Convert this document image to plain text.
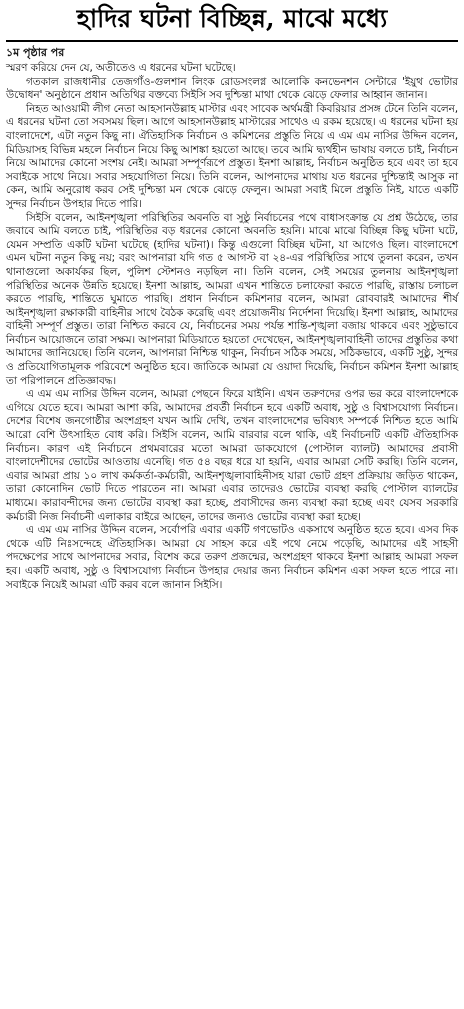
হাদির ঘটনা বিচ্ছিন্ন, মাঝে মধ্যে
১ম পৃষ্ঠার পর

স্মরণ করিয়ে দেন যে, অতীতেও এ ধরনের ঘটনা ঘটেছে।

গতকাল রাজধানীর তেজগাঁও-গুলশান লিংক রোডসংলগ্ন আলোকি কনভেনশন সেন্টারে 'ইয়ুথ ভোটার উদ্বোধন' অনুষ্ঠানে প্রধান অতিথির বক্তব্যে সিইসি সব দুশ্চিন্তা মাথা থেকে ঝেড়ে ফেলার আহ্বান জানান।

নিহত আওয়ামী লীগ নেতা আহসানউল্লাহ মাস্টার এবং সাবেক অর্থমন্ত্রী কিবরিয়ার প্রসঙ্গ টেনে তিনি বলেন, এ ধরনের ঘটনা তো সবসময় ছিল। আগে আহসানউল্লাহ মাস্টারের সাথেও এ রকম হয়েছে। এ ধরনের ঘটনা হয় বাংলাদেশে, এটা নতুন কিছু না। ঐতিহাসিক নির্বাচন ও কমিশনের প্রস্তুতি নিয়ে এ এম এম নাসির উদ্দিন বলেন, মিডিয়াসহ বিভিন্ন মহলে নির্বাচন নিয়ে কিছু আশঙ্কা হয়তো আছে। তবে আমি দ্ব্যর্থহীন ভাষায় বলতে চাই, নির্বাচন নিয়ে আমাদের কোনো সংশয় নেই। আমরা সম্পূর্ণরূপে প্রস্তুত। ইনশা আল্লাহ, নির্বাচন অনুষ্ঠিত হবে এবং তা হবে সবাইকে সাথে নিয়ে। সবার সহযোগিতা নিয়ে। তিনি বলেন, আপনাদের মাথায় যত ধরনের দুশ্চিন্তাই আসুক না কেন, আমি অনুরোধ করব সেই দুশ্চিন্তা মন থেকে ঝেড়ে ফেলুন। আমরা সবাই মিলে প্রস্তুতি নিই, যাতে একটি সুন্দর নির্বাচন উপহার দিতে পারি।

সিইসি বলেন, আইনশৃঙ্খলা পরিস্থিতির অবনতি বা সুষ্ঠু নির্বাচনের পথে বাধাসংক্রান্ত যে প্রশ্ন উঠেছে, তার জবাবে আমি বলতে চাই, পরিস্থিতির বড় ধরনের কোনো অবনতি হয়নি। মাঝে মাঝে বিচ্ছিন্ন কিছু ঘটনা ঘটে, যেমন সম্প্রতি একটি ঘটনা ঘটেছে (হাদির ঘটনা)। কিন্তু এগুলো বিচ্ছিন্ন ঘটনা, যা আগেও ছিল। বাংলাদেশে এমন ঘটনা নতুন কিছু নয়; বরং আপনারা যদি গত ৫ আগস্ট বা ২৪-এর পরিস্থিতির সাথে তুলনা করেন, তখন থানাগুলো অকার্যকর ছিল, পুলিশ স্টেশনও নড়ছিল না। তিনি বলেন, সেই সময়ের তুলনায় আইনশৃঙ্খলা পরিস্থিতির অনেক উন্নতি হয়েছে। ইনশা আল্লাহ, আমরা এখন শান্তিতে চলাফেরা করতে পারছি, রাস্তায় চলাচল করতে পারছি, শান্তিতে ঘুমাতে পারছি। প্রধান নির্বাচন কমিশনার বলেন, আমরা রোববারই আমাদের শীর্ষ আইনশৃঙ্খলা রক্ষাকারী বাহিনীর সাথে বৈঠক করেছি এবং প্রয়োজনীয় নির্দেশনা দিয়েছি। ইনশা আল্লাহ, আমাদের বাহিনী সম্পূর্ণ প্রস্তুত। তারা নিশ্চিত করবে যে, নির্বাচনের সময় পর্যন্ত শান্তি-শৃঙ্খলা বজায় থাকবে এবং সুষ্ঠুভাবে নির্বাচন আয়োজনে তারা সক্ষম। আপনারা মিডিয়াতে হয়তো দেখেছেন, আইনশৃঙ্খলাবাহিনী তাদের প্রস্তুতির কথা আমাদের জানিয়েছে। তিনি বলেন, আপনারা নিশ্চিন্ত থাকুন, নির্বাচন সঠিক সময়ে, সঠিকভাবে, একটি সুষ্ঠু, সুন্দর ও প্রতিযোগিতামূলক পরিবেশে অনুষ্ঠিত হবে। জাতিকে আমরা যে ওয়াদা দিয়েছি, নির্বাচন কমিশন ইনশা আল্লাহ তা পরিপালনে প্রতিজ্ঞাবদ্ধ।

এ এম এম নাসির উদ্দিন বলেন, আমরা পেছনে ফিরে যাইনি। এখন তরুণদের ওপর ভর করে বাংলাদেশকে এগিয়ে যেতে হবে। আমরা আশা করি, আমাদের প্রবর্তী নির্বাচন হবে একটি অবাধ, সুষ্ঠু ও বিশ্বাসযোগ্য নির্বাচন। দেশের বিশেষ জনগোষ্ঠীর অংশগ্রহণ যখন আমি দেখি, তখন বাংলাদেশের ভবিষ্যৎ সম্পর্কে নিশ্চিত হতে আমি আরো বেশি উৎসাহিত বোধ করি। সিইসি বলেন, আমি বারবার বলে থাকি, এই নির্বাচনটি একটি ঐতিহাসিক নির্বাচন। কারণ এই নির্বাচনে প্রথমবারের মতো আমরা ডাকযোগে (পোস্টাল ব্যালট) আমাদের প্রবাসী বাংলাদেশীদের ভোটের আওতায় এনেছি। গত ৫৪ বছর ধরে যা হয়নি, এবার আমরা সেটি করছি। তিনি বলেন, এবার আমরা প্রায় ১০ লাখ কর্মকর্তা-কর্মচারী, আইনশৃঙ্খলাবাহিনীসহ যারা ভোট গ্রহণ প্রক্রিয়ায় জড়িত থাকেন, তারা কোনোদিন ভোট দিতে পারতেন না। আমরা এবার তাদেরও ভোটের ব্যবস্থা করছি পোস্টাল ব্যালটের মাধ্যমে। কারাবন্দীদের জন্য ভোটের ব্যবস্থা করা হচ্ছে, প্রবাসীদের জন্য ব্যবস্থা করা হচ্ছে এবং যেসব সরকারি কর্মচারী নিজ নির্বাচনী এলাকার বাইরে আছেন, তাদের জন্যও ভোটের ব্যবস্থা করা হচ্ছে।

এ এম এম নাসির উদ্দিন বলেন, সর্বোপরি এবার একটি গণভোটও একসাথে অনুষ্ঠিত হতে হবে। এসব দিক থেকে এটি নিঃসন্দেহে ঐতিহাসিক। আমরা যে সাহস করে এই পথে নেমে পড়েছি, আমাদের এই সাহসী পদক্ষেপের সাথে আপনাদের সবার, বিশেষ করে তরুণ প্রজন্মের, অংশগ্রহণ থাকবে ইনশা আল্লাহ আমরা সফল হব। একটি অবাধ, সুষ্ঠু ও বিশ্বাসযোগ্য নির্বাচন উপহার দেয়ার জন্য নির্বাচন কমিশন একা সফল হতে পারে না। সবাইকে নিয়েই আমরা এটি করব বলে জানান সিইসি।
